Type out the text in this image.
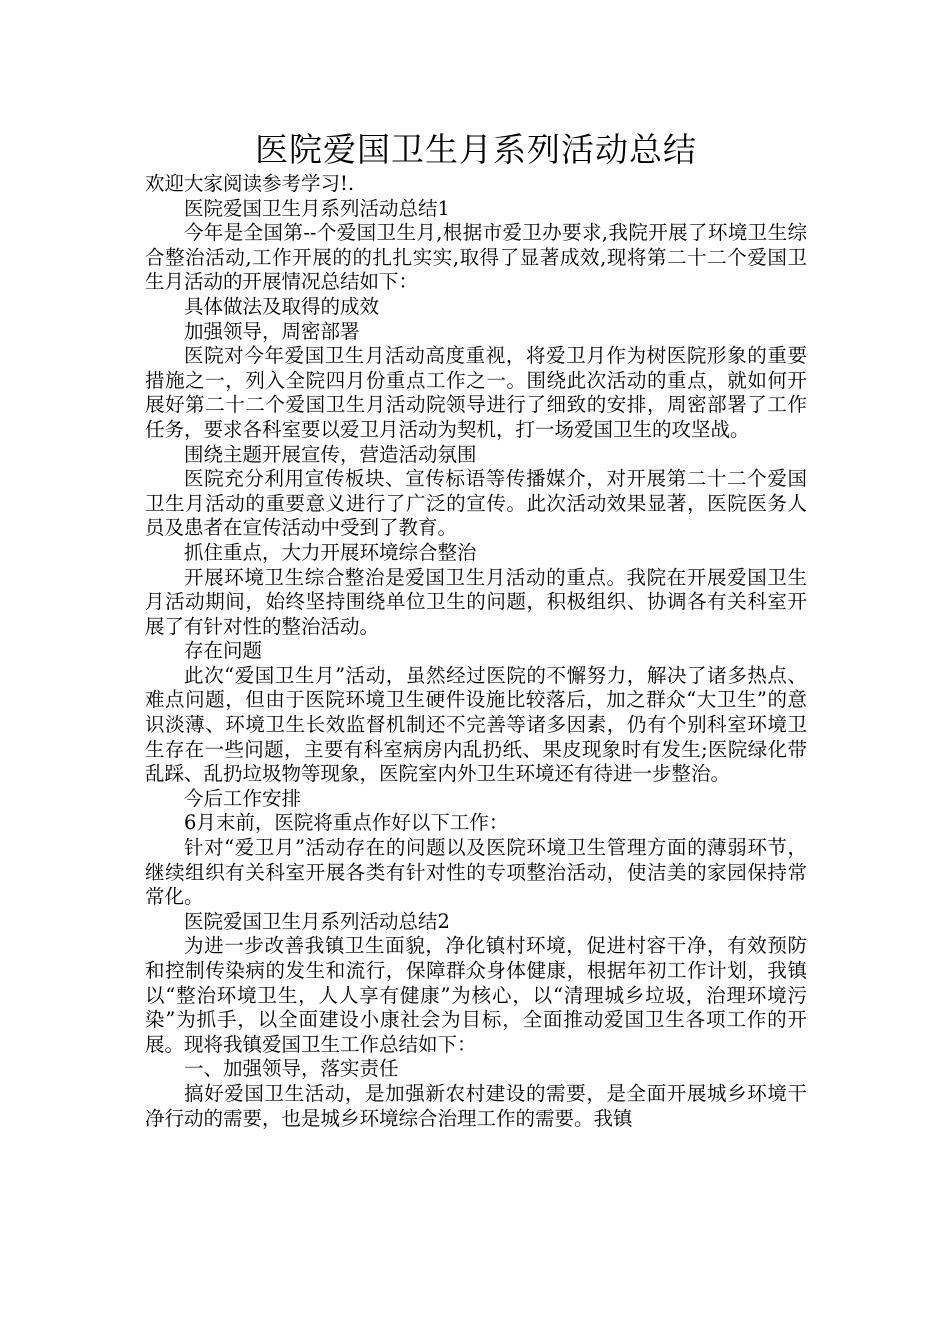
医院爱国卫生月系列活动总结

欢迎大家阅读参考学习!.

医院爱国卫生月系列活动总结1

今年是全国第--个爱国卫生月,根据市爱卫办要求,我院开展了环境卫生综合整治活动,工作开展的的扎扎实实,取得了显著成效,现将第二十二个爱国卫生月活动的开展情况总结如下：

具体做法及取得的成效

加强领导，周密部署

医院对今年爱国卫生月活动高度重视，将爱卫月作为树医院形象的重要措施之一，列入全院四月份重点工作之一。围绕此次活动的重点，就如何开展好第二十二个爱国卫生月活动院领导进行了细致的安排，周密部署了工作任务，要求各科室要以爱卫月活动为契机，打一场爱国卫生的攻坚战。

围绕主题开展宣传，营造活动氛围

医院充分利用宣传板块、宣传标语等传播媒介，对开展第二十二个爱国卫生月活动的重要意义进行了广泛的宣传。此次活动效果显著，医院医务人员及患者在宣传活动中受到了教育。

抓住重点，大力开展环境综合整治

开展环境卫生综合整治是爱国卫生月活动的重点。我院在开展爱国卫生月活动期间，始终坚持围绕单位卫生的问题，积极组织、协调各有关科室开展了有针对性的整治活动。

存在问题

此次“爱国卫生月”活动，虽然经过医院的不懈努力，解决了诸多热点、难点问题，但由于医院环境卫生硬件设施比较落后，加之群众“大卫生”的意识淡薄、环境卫生长效监督机制还不完善等诸多因素，仍有个别科室环境卫生存在一些问题，主要有科室病房内乱扔纸、果皮现象时有发生;医院绿化带乱踩、乱扔垃圾物等现象，医院室内外卫生环境还有待进一步整治。

今后工作安排

6月末前，医院将重点作好以下工作：

针对“爱卫月”活动存在的问题以及医院环境卫生管理方面的薄弱环节，继续组织有关科室开展各类有针对性的专项整治活动，使洁美的家园保持常常化。

医院爱国卫生月系列活动总结2

为进一步改善我镇卫生面貌，净化镇村环境，促进村容干净，有效预防和控制传染病的发生和流行，保障群众身体健康，根据年初工作计划，我镇以“整治环境卫生，人人享有健康”为核心，以“清理城乡垃圾，治理环境污染”为抓手，以全面建设小康社会为目标，全面推动爱国卫生各项工作的开展。现将我镇爱国卫生工作总结如下：

一、加强领导，落实责任

搞好爱国卫生活动，是加强新农村建设的需要，是全面开展城乡环境干净行动的需要，也是城乡环境综合治理工作的需要。我镇
